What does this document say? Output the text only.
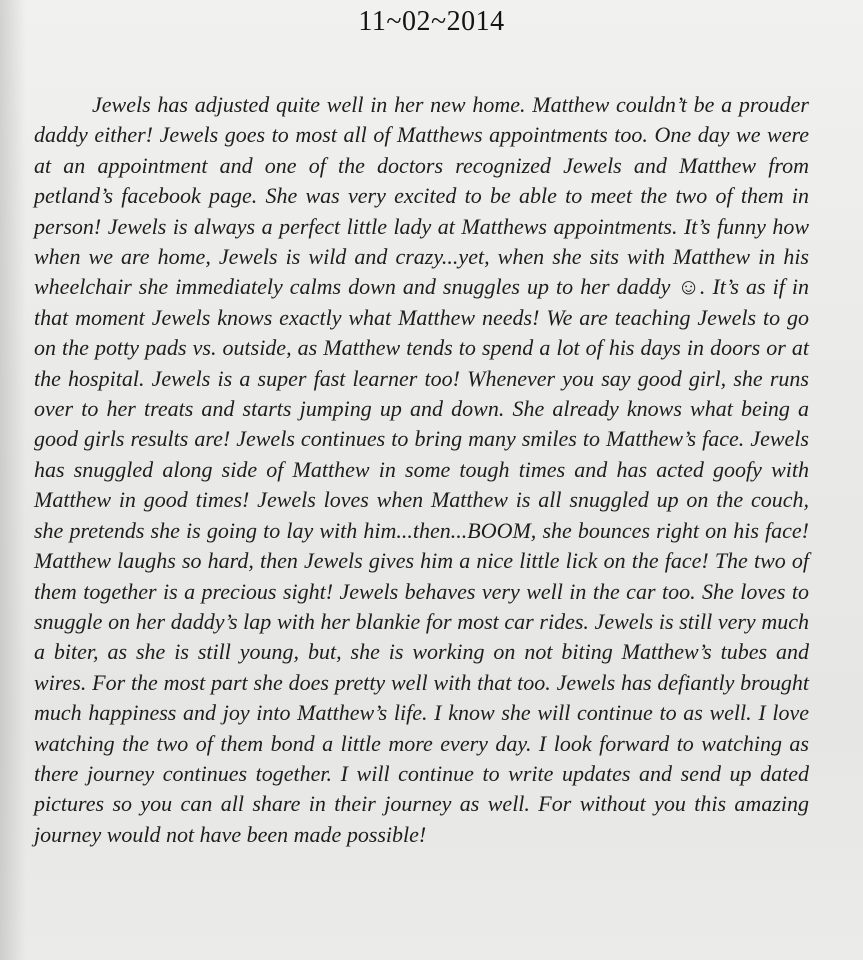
11~02~2014

Jewels has adjusted quite well in her new home. Matthew couldn’t be a prouder daddy either! Jewels goes to most all of Matthews appointments too. One day we were at an appointment and one of the doctors recognized Jewels and Matthew from petland’s facebook page. She was very excited to be able to meet the two of them in person! Jewels is always a perfect little lady at Matthews appointments. It’s funny how when we are home, Jewels is wild and crazy...yet, when she sits with Matthew in his wheelchair she immediately calms down and snuggles up to her daddy ☺. It’s as if in that moment Jewels knows exactly what Matthew needs! We are teaching Jewels to go on the potty pads vs. outside, as Matthew tends to spend a lot of his days in doors or at the hospital. Jewels is a super fast learner too! Whenever you say good girl, she runs over to her treats and starts jumping up and down. She already knows what being a good girls results are! Jewels continues to bring many smiles to Matthew’s face. Jewels has snuggled along side of Matthew in some tough times and has acted goofy with Matthew in good times! Jewels loves when Matthew is all snuggled up on the couch, she pretends she is going to lay with him...then...BOOM, she bounces right on his face! Matthew laughs so hard, then Jewels gives him a nice little lick on the face! The two of them together is a precious sight! Jewels behaves very well in the car too. She loves to snuggle on her daddy’s lap with her blankie for most car rides. Jewels is still very much a biter, as she is still young, but, she is working on not biting Matthew’s tubes and wires. For the most part she does pretty well with that too. Jewels has defiantly brought much happiness and joy into Matthew’s life. I know she will continue to as well. I love watching the two of them bond a little more every day. I look forward to watching as there journey continues together. I will continue to write updates and send up dated pictures so you can all share in their journey as well. For without you this amazing journey would not have been made possible!
